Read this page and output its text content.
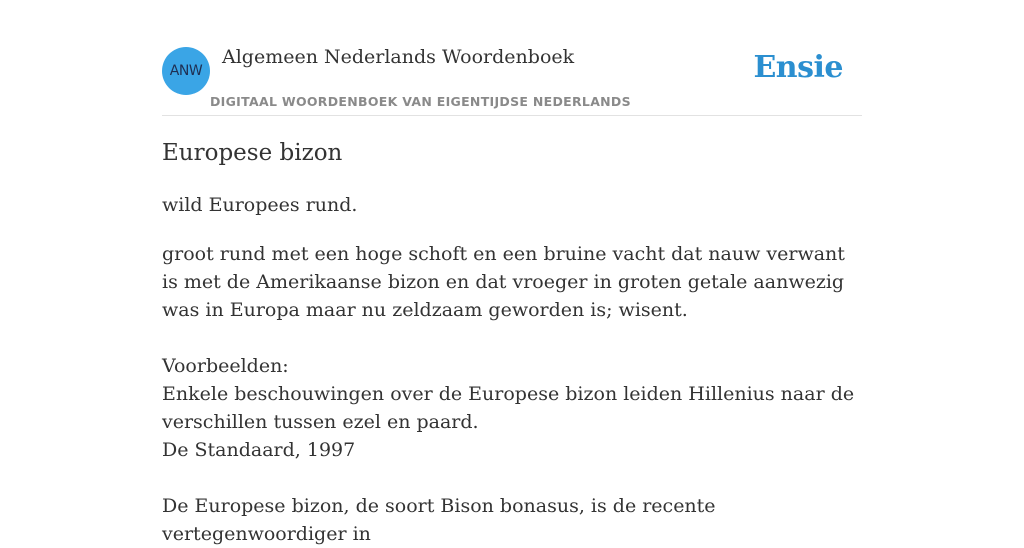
ANW
Algemeen Nederlands Woordenboek
DIGITAAL WOORDENBOEK VAN EIGENTIJDSE NEDERLANDS
Ensie
Europese bizon
wild Europees rund.
groot rund met een hoge schoft en een bruine vacht dat nauw verwant is met de Amerikaanse bizon en dat vroeger in groten getale aanwezig was in Europa maar nu zeldzaam geworden is; wisent.

Voorbeelden:

Enkele beschouwingen over de Europese bizon leiden Hillenius naar de verschillen tussen ezel en paard.

De Standaard, 1997

De Europese bizon, de soort Bison bonasus, is de recente vertegenwoordiger in
